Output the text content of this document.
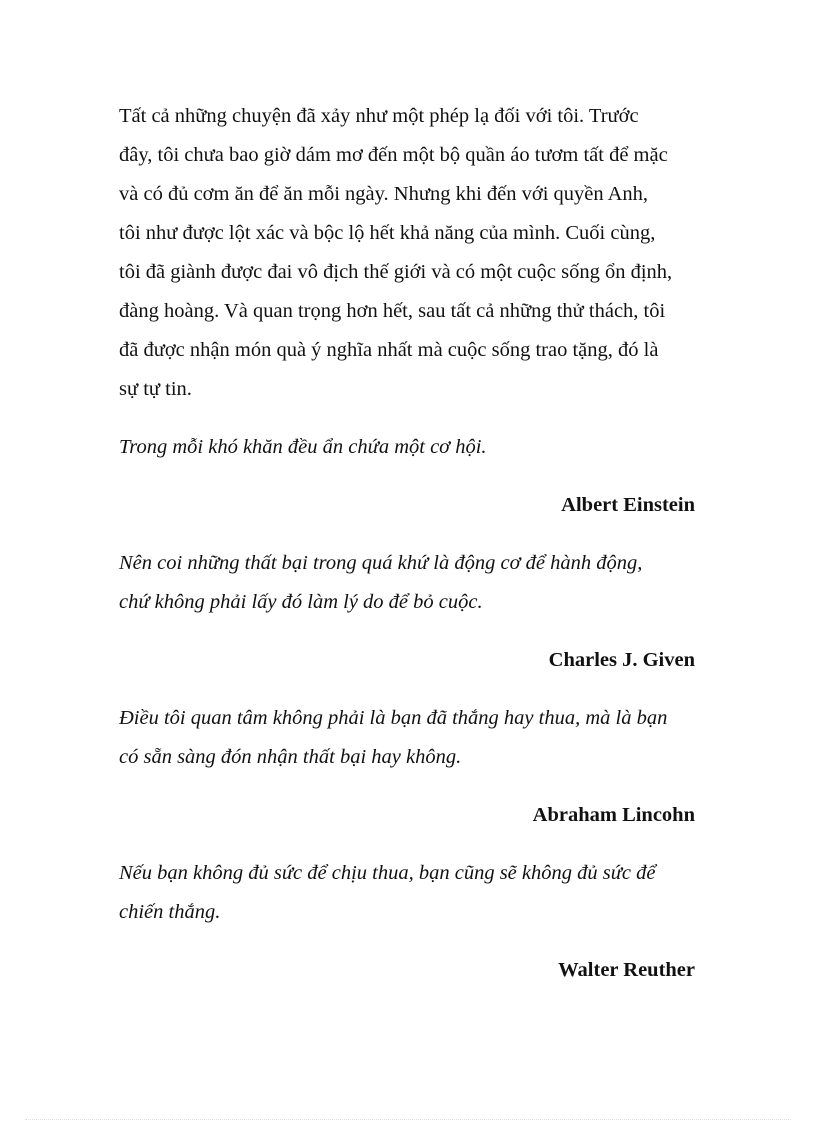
Tất cả những chuyện đã xảy như một phép lạ đối với tôi. Trước
đây, tôi chưa bao giờ dám mơ đến một bộ quần áo tươm tất để mặc
và có đủ cơm ăn để ăn mỗi ngày. Nhưng khi đến với quyền Anh,
tôi như được lột xác và bộc lộ hết khả năng của mình. Cuối cùng,
tôi đã giành được đai vô địch thế giới và có một cuộc sống ổn định,
đàng hoàng. Và quan trọng hơn hết, sau tất cả những thử thách, tôi
đã được nhận món quà ý nghĩa nhất mà cuộc sống trao tặng, đó là
sự tự tin.
Trong mỗi khó khăn đều ẩn chứa một cơ hội.
Albert Einstein
Nên coi những thất bại trong quá khứ là động cơ để hành động,
chứ không phải lấy đó làm lý do để bỏ cuộc.
Charles J. Given
Điều tôi quan tâm không phải là bạn đã thắng hay thua, mà là bạn
có sẵn sàng đón nhận thất bại hay không.
Abraham Lincohn
Nếu bạn không đủ sức để chịu thua, bạn cũng sẽ không đủ sức để
chiến thắng.
Walter Reuther
